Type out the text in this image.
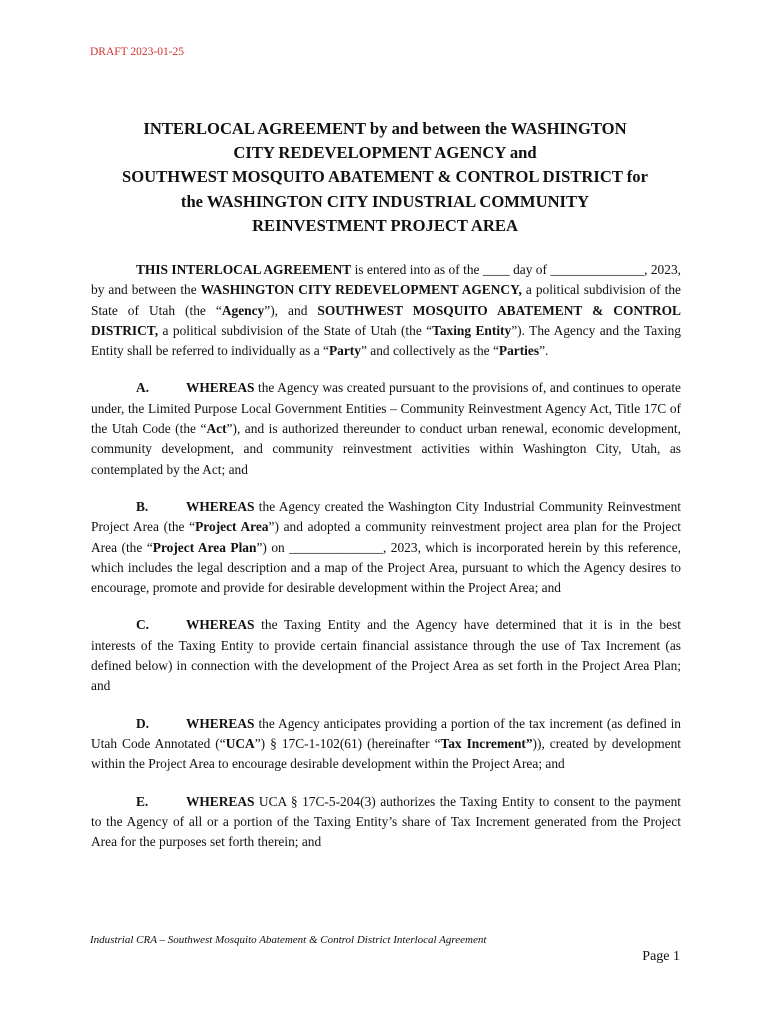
DRAFT 2023-01-25
INTERLOCAL AGREEMENT by and between the WASHINGTON
CITY REDEVELOPMENT AGENCY and
SOUTHWEST MOSQUITO ABATEMENT & CONTROL DISTRICT for
the WASHINGTON CITY INDUSTRIAL COMMUNITY
REINVESTMENT PROJECT AREA

THIS INTERLOCAL AGREEMENT is entered into as of the ____ day of ______________, 2023, by and between the WASHINGTON CITY REDEVELOPMENT AGENCY, a political subdivision of the State of Utah (the “Agency”), and SOUTHWEST MOSQUITO ABATEMENT & CONTROL DISTRICT, a political subdivision of the State of Utah (the “Taxing Entity”). The Agency and the Taxing Entity shall be referred to individually as a “Party” and collectively as the “Parties”.

A.	WHEREAS the Agency was created pursuant to the provisions of, and continues to operate under, the Limited Purpose Local Government Entities – Community Reinvestment Agency Act, Title 17C of the Utah Code (the “Act”), and is authorized thereunder to conduct urban renewal, economic development, community development, and community reinvestment activities within Washington City, Utah, as contemplated by the Act; and

B.	WHEREAS the Agency created the Washington City Industrial Community Reinvestment Project Area (the “Project Area”) and adopted a community reinvestment project area plan for the Project Area (the “Project Area Plan”) on ______________, 2023, which is incorporated herein by this reference, which includes the legal description and a map of the Project Area, pursuant to which the Agency desires to encourage, promote and provide for desirable development within the Project Area; and

C.	WHEREAS the Taxing Entity and the Agency have determined that it is in the best interests of the Taxing Entity to provide certain financial assistance through the use of Tax Increment (as defined below) in connection with the development of the Project Area as set forth in the Project Area Plan; and

D.	WHEREAS the Agency anticipates providing a portion of the tax increment (as defined in Utah Code Annotated (“UCA”) § 17C-1-102(61) (hereinafter “Tax Increment”)), created by development within the Project Area to encourage desirable development within the Project Area; and

E.	WHEREAS UCA § 17C-5-204(3) authorizes the Taxing Entity to consent to the payment to the Agency of all or a portion of the Taxing Entity’s share of Tax Increment generated from the Project Area for the purposes set forth therein; and

Industrial CRA – Southwest Mosquito Abatement & Control District Interlocal Agreement
Page 1
